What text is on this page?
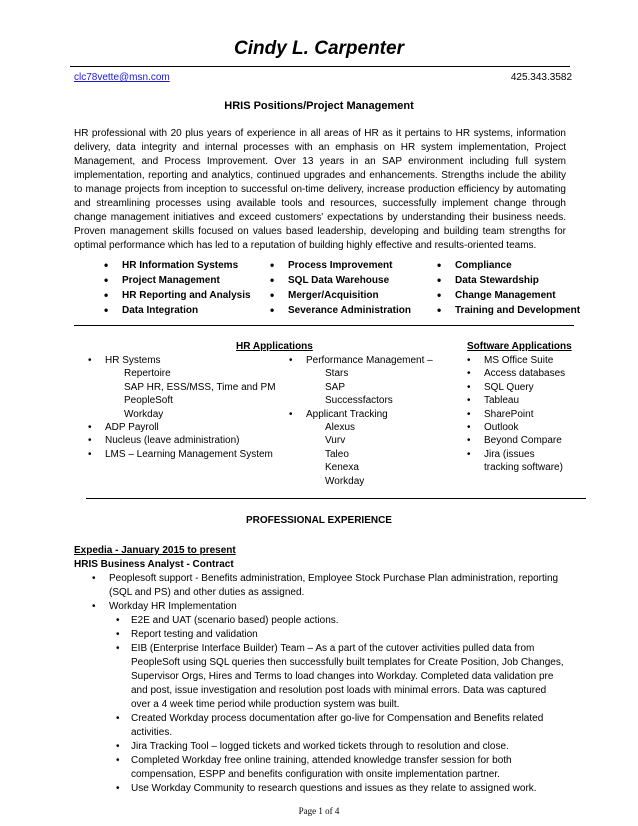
Cindy L. Carpenter
clc78vette@msn.com	425.343.3582
HRIS Positions/Project Management
HR professional with 20 plus years of experience in all areas of HR as it pertains to HR systems, information delivery, data integrity and internal processes with an emphasis on HR system implementation, Project Management, and Process Improvement. Over 13 years in an SAP environment including full system implementation, reporting and analytics, continued upgrades and enhancements. Strengths include the ability to manage projects from inception to successful on-time delivery, increase production efficiency by automating and streamlining processes using available tools and resources, successfully implement change through change management initiatives and exceed customers' expectations by understanding their business needs. Proven management skills focused on values based leadership, developing and building team strengths for optimal performance which has led to a reputation of building highly effective and results-oriented teams.
• HR Information Systems
• Project Management
• HR Reporting and Analysis
• Data Integration
• Process Improvement
• SQL Data Warehouse
• Merger/Acquisition
• Severance Administration
• Compliance
• Data Stewardship
• Change Management
• Training and Development
HR Applications	Software Applications
• HR Systems
Repertoire
SAP HR, ESS/MSS, Time and PM
PeopleSoft
Workday
• ADP Payroll
• Nucleus (leave administration)
• LMS – Learning Management System
• Performance Management –
Stars
SAP
Successfactors
• Applicant Tracking
Alexus
Vurv
Taleo
Kenexa
Workday
• MS Office Suite
• Access databases
• SQL Query
• Tableau
• SharePoint
• Outlook
• Beyond Compare
• Jira (issues
tracking software)
PROFESSIONAL EXPERIENCE
Expedia - January 2015 to present
HRIS Business Analyst - Contract
• Peoplesoft support - Benefits administration, Employee Stock Purchase Plan administration, reporting (SQL and PS) and other duties as assigned.
• Workday HR Implementation
• E2E and UAT (scenario based) people actions.
• Report testing and validation
• EIB (Enterprise Interface Builder) Team – As a part of the cutover activities pulled data from PeopleSoft using SQL queries then successfully built templates for Create Position, Job Changes, Supervisor Orgs, Hires and Terms to load changes into Workday. Completed data validation pre and post, issue investigation and resolution post loads with minimal errors. Data was captured over a 4 week time period while production system was built.
• Created Workday process documentation after go-live for Compensation and Benefits related activities.
• Jira Tracking Tool – logged tickets and worked tickets through to resolution and close.
• Completed Workday free online training, attended knowledge transfer session for both compensation, ESPP and benefits configuration with onsite implementation partner.
• Use Workday Community to research questions and issues as they relate to assigned work.
Page 1 of 4
